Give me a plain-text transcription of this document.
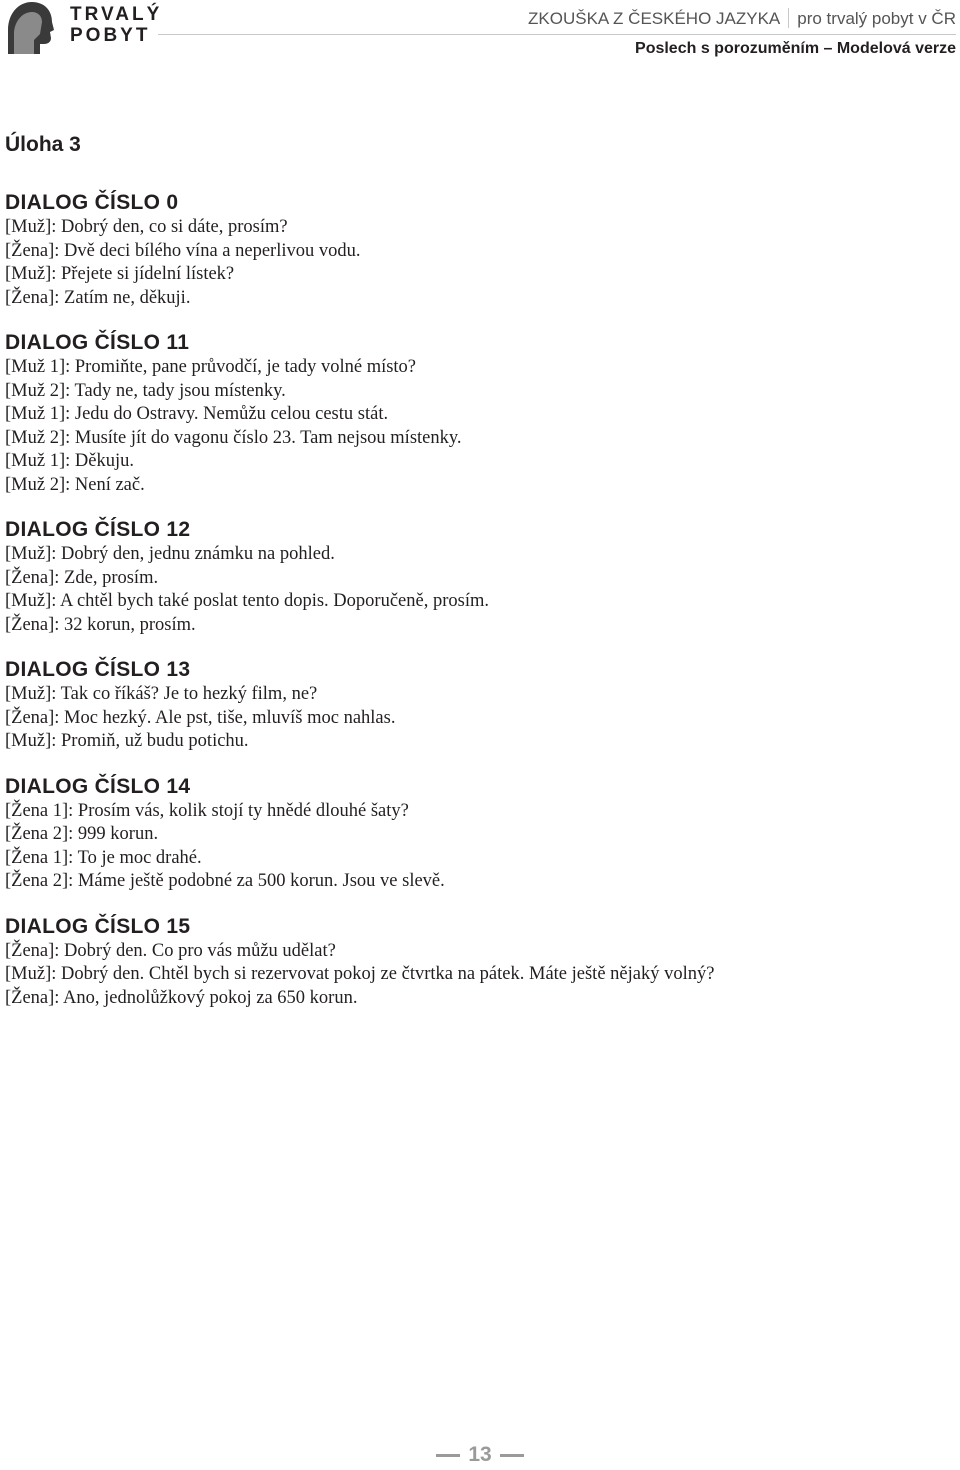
TRVALÝ
POBYT
ZKOUŠKA Z ČESKÉHO JAZYKA pro trvalý pobyt v ČR
Poslech s porozuměním – Modelová verze
Úloha 3
DIALOG ČÍSLO 0
[Muž]: Dobrý den, co si dáte, prosím?
[Žena]: Dvě deci bílého vína a neperlivou vodu.
[Muž]: Přejete si jídelní lístek?
[Žena]: Zatím ne, děkuji.
DIALOG ČÍSLO 11
[Muž 1]: Promiňte, pane průvodčí, je tady volné místo?
[Muž 2]: Tady ne, tady jsou místenky.
[Muž 1]: Jedu do Ostravy. Nemůžu celou cestu stát.
[Muž 2]: Musíte jít do vagonu číslo 23. Tam nejsou místenky.
[Muž 1]: Děkuju.
[Muž 2]: Není zač.
DIALOG ČÍSLO 12
[Muž]: Dobrý den, jednu známku na pohled.
[Žena]: Zde, prosím.
[Muž]: A chtěl bych také poslat tento dopis. Doporučeně, prosím.
[Žena]: 32 korun, prosím.
DIALOG ČÍSLO 13
[Muž]: Tak co říkáš? Je to hezký film, ne?
[Žena]: Moc hezký. Ale pst, tiše, mluvíš moc nahlas.
[Muž]: Promiň, už budu potichu.
DIALOG ČÍSLO 14
[Žena 1]: Prosím vás, kolik stojí ty hnědé dlouhé šaty?
[Žena 2]: 999 korun.
[Žena 1]: To je moc drahé.
[Žena 2]: Máme ještě podobné za 500 korun. Jsou ve slevě.
DIALOG ČÍSLO 15
[Žena]: Dobrý den. Co pro vás můžu udělat?
[Muž]: Dobrý den. Chtěl bych si rezervovat pokoj ze čtvrtka na pátek. Máte ještě nějaký volný?
[Žena]: Ano, jednolůžkový pokoj za 650 korun.
13
